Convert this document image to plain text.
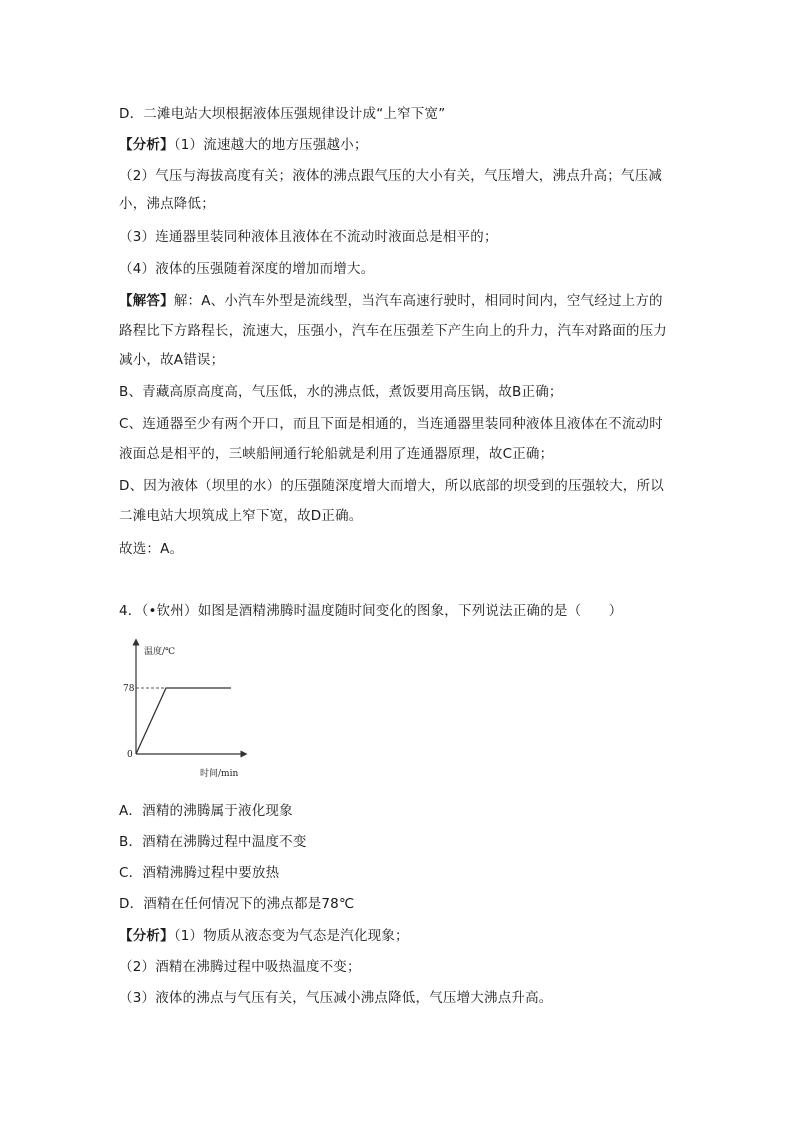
D．二滩电站大坝根据液体压强规律设计成“上窄下宽”
【分析】（1）流速越大的地方压强越小；
（2）气压与海拔高度有关；液体的沸点跟气压的大小有关，气压增大，沸点升高；气压减
小，沸点降低；
（3）连通器里装同种液体且液体在不流动时液面总是相平的；
（4）液体的压强随着深度的增加而增大。
【解答】解：A、小汽车外型是流线型，当汽车高速行驶时，相同时间内，空气经过上方的
路程比下方路程长，流速大，压强小，汽车在压强差下产生向上的升力，汽车对路面的压力
减小，故A错误；
B、青藏高原高度高，气压低，水的沸点低，煮饭要用高压锅，故B正确；
C、连通器至少有两个开口，而且下面是相通的，当连通器里装同种液体且液体在不流动时
液面总是相平的，三峡船闸通行轮船就是利用了连通器原理，故C正确；
D、因为液体（坝里的水）的压强随深度增大而增大，所以底部的坝受到的压强较大，所以
二滩电站大坝筑成上窄下宽，故D正确。
故选：A。
4．（•钦州）如图是酒精沸腾时温度随时间变化的图象，下列说法正确的是（　　）
温度/℃
78
0
时间/min
A．酒精的沸腾属于液化现象
B．酒精在沸腾过程中温度不变
C．酒精沸腾过程中要放热
D．酒精在任何情况下的沸点都是78℃
【分析】（1）物质从液态变为气态是汽化现象；
（2）酒精在沸腾过程中吸热温度不变；
（3）液体的沸点与气压有关，气压减小沸点降低，气压增大沸点升高。
